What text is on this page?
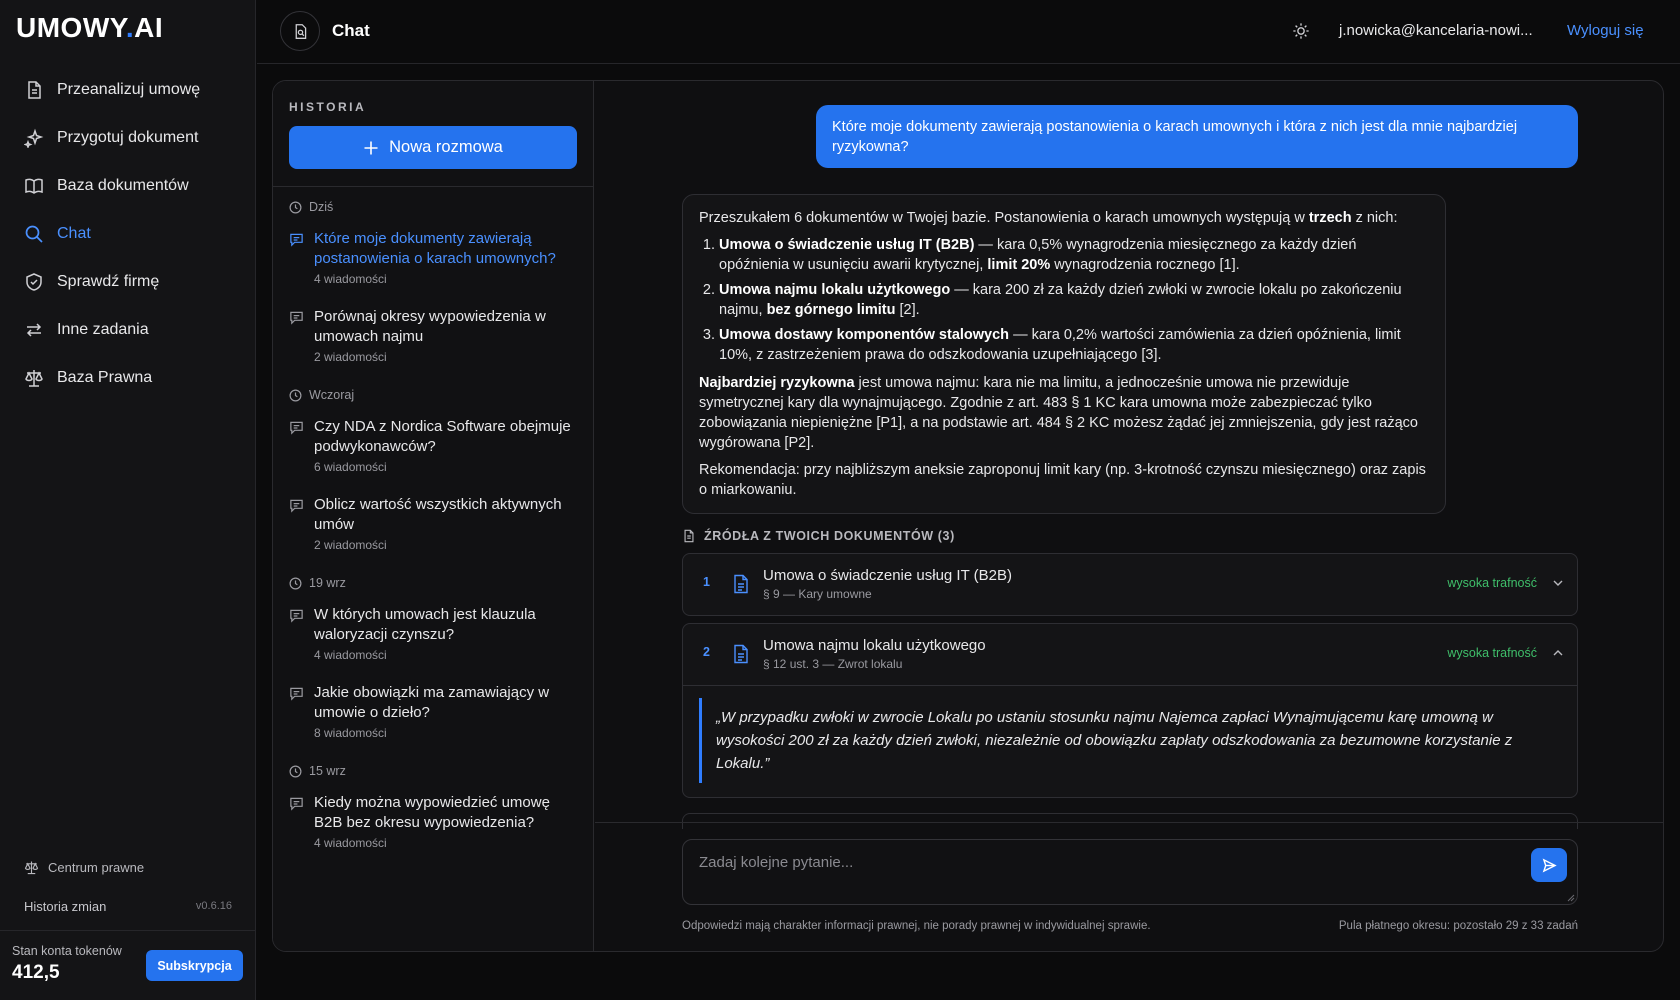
UMOWY.AI
Przeanalizuj umowę
Przygotuj dokument
Baza dokumentów
Chat
Sprawdź firmę
Inne zadania
Baza Prawna
Centrum prawne
Historia zmian	v0.6.16
Stan konta tokenów
412,5	Subskrypcja
Chat	j.nowicka@kancelaria-nowi... Wyloguj się
HISTORIA
Nowa rozmowa
Dziś
Które moje dokumenty zawierają postanowienia o karach umownych?
4 wiadomości
Porównaj okresy wypowiedzenia w umowach najmu
2 wiadomości
Wczoraj
Czy NDA z Nordica Software obejmuje podwykonawców?
6 wiadomości
Oblicz wartość wszystkich aktywnych umów
2 wiadomości
19 wrz
W których umowach jest klauzula waloryzacji czynszu?
4 wiadomości
Jakie obowiązki ma zamawiający w umowie o dzieło?
8 wiadomości
15 wrz
Kiedy można wypowiedzieć umowę B2B bez okresu wypowiedzenia?
4 wiadomości
Które moje dokumenty zawierają postanowienia o karach umownych i która z nich jest dla mnie najbardziej ryzykowna?

Przeszukałem 6 dokumentów w Twojej bazie. Postanowienia o karach umownych występują w trzech z nich:

1. Umowa o świadczenie usług IT (B2B) — kara 0,5% wynagrodzenia miesięcznego za każdy dzień opóźnienia w usunięciu awarii krytycznej, limit 20% wynagrodzenia rocznego [1].
2. Umowa najmu lokalu użytkowego — kara 200 zł za każdy dzień zwłoki w zwrocie lokalu po zakończeniu najmu, bez górnego limitu [2].
3. Umowa dostawy komponentów stalowych — kara 0,2% wartości zamówienia za dzień opóźnienia, limit 10%, z zastrzeżeniem prawa do odszkodowania uzupełniającego [3].

Najbardziej ryzykowna jest umowa najmu: kara nie ma limitu, a jednocześnie umowa nie przewiduje symetrycznej kary dla wynajmującego. Zgodnie z art. 483 § 1 KC kara umowna może zabezpieczać tylko zobowiązania niepieniężne [P1], a na podstawie art. 484 § 2 KC możesz żądać jej zmniejszenia, gdy jest rażąco wygórowana [P2].

Rekomendacja: przy najbliższym aneksie zaproponuj limit kary (np. 3-krotność czynszu miesięcznego) oraz zapis o miarkowaniu.

ŹRÓDŁA Z TWOICH DOKUMENTÓW (3)
1	Umowa o świadczenie usług IT (B2B)
§ 9 — Kary umowne
wysoka trafność
2	Umowa najmu lokalu użytkowego
§ 12 ust. 3 — Zwrot lokalu
wysoka trafność
„W przypadku zwłoki w zwrocie Lokalu po ustaniu stosunku najmu Najemca zapłaci Wynajmującemu karę umowną w wysokości 200 zł za każdy dzień zwłoki, niezależnie od obowiązku zapłaty odszkodowania za bezumowne korzystanie z Lokalu.”
Zadaj kolejne pytanie...
Odpowiedzi mają charakter informacji prawnej, nie porady prawnej w indywidualnej sprawie.	Pula płatnego okresu: pozostało 29 z 33 zadań
